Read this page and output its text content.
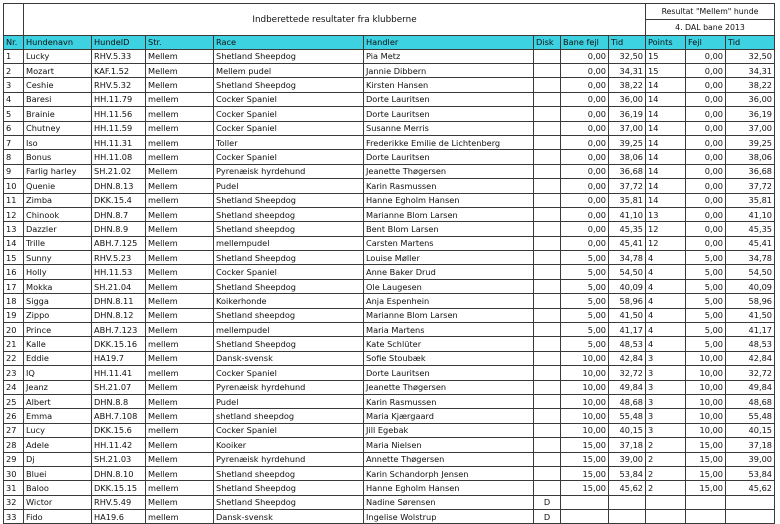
	Indberettede resultater fra klubberne								Resultat "Mellem" hunde		
									4. DAL bane 2013		
Nr.	Hundenavn	HundeID	Str.	Race	Handler	Disk	Bane fejl	Tid	Points	Fejl	Tid
1	Lucky	RHV.5.33	Mellem	Shetland Sheepdog	Pia Metz		0,00	32,50	15	0,00	32,50
2	Mozart	KAF.1.52	Mellem	Mellem pudel	Jannie Dibbern		0,00	34,31	15	0,00	34,31
3	Ceshie	RHV.5.32	Mellem	Shetland Sheepdog	Kirsten Hansen		0,00	38,22	14	0,00	38,22
4	Baresi	HH.11.79	mellem	Cocker Spaniel	Dorte Lauritsen		0,00	36,00	14	0,00	36,00
5	Brainie	HH.11.56	mellem	Cocker Spaniel	Dorte Lauritsen		0,00	36,19	14	0,00	36,19
6	Chutney	HH.11.59	mellem	Cocker Spaniel	Susanne Merris		0,00	37,00	14	0,00	37,00
7	Iso	HH.11.31	mellem	Toller	Frederikke Emilie de Lichtenberg		0,00	39,25	14	0,00	39,25
8	Bonus	HH.11.08	mellem	Cocker Spaniel	Dorte Lauritsen		0,00	38,06	14	0,00	38,06
9	Farlig harley	SH.21.02	Mellem	Pyrenæisk hyrdehund	Jeanette Thøgersen		0,00	36,68	14	0,00	36,68
10	Quenie	DHN.8.13	Mellem	Pudel	Karin Rasmussen		0,00	37,72	14	0,00	37,72
11	Zimba	DKK.15.4	mellem	Shetland Sheepdog	Hanne Egholm Hansen		0,00	35,81	14	0,00	35,81
12	Chinook	DHN.8.7	Mellem	Shetland sheepdog	Marianne Blom Larsen		0,00	41,10	13	0,00	41,10
13	Dazzler	DHN.8.9	Mellem	Shetland sheepdog	Bent Blom Larsen		0,00	45,35	12	0,00	45,35
14	Trille	ABH.7.125	Mellem	mellempudel	Carsten Martens		0,00	45,41	12	0,00	45,41
15	Sunny	RHV.5.23	Mellem	Shetland Sheepdog	Louise Møller		5,00	34,78	4	5,00	34,78
16	Holly	HH.11.53	Mellem	Cocker Spaniel	Anne Baker Drud		5,00	54,50	4	5,00	54,50
17	Mokka	SH.21.04	Mellem	Shetland Sheepdog	Ole Laugesen		5,00	40,09	4	5,00	40,09
18	Sigga	DHN.8.11	Mellem	Koikerhonde	Anja Espenhein		5,00	58,96	4	5,00	58,96
19	Zippo	DHN.8.12	Mellem	Shetland sheepdog	Marianne Blom Larsen		5,00	41,50	4	5,00	41,50
20	Prince	ABH.7.123	Mellem	mellempudel	Maria Martens		5,00	41,17	4	5,00	41,17
21	Kalle	DKK.15.16	mellem	Shetland Sheepdog	Kate Schlüter		5,00	48,53	4	5,00	48,53
22	Eddie	HA19.7	Mellem	Dansk-svensk	Sofie Stoubæk		10,00	42,84	3	10,00	42,84
23	IQ	HH.11.41	mellem	Cocker Spaniel	Dorte Lauritsen		10,00	32,72	3	10,00	32,72
24	Jeanz	SH.21.07	Mellem	Pyrenæisk hyrdehund	Jeanette Thøgersen		10,00	49,84	3	10,00	49,84
25	Albert	DHN.8.8	Mellem	Pudel	Karin Rasmussen		10,00	48,68	3	10,00	48,68
26	Emma	ABH.7.108	Mellem	shetland sheepdog	Maria Kjærgaard		10,00	55,48	3	10,00	55,48
27	Lucy	DKK.15.6	mellem	Cocker Spaniel	Jill Egebak		10,00	40,15	3	10,00	40,15
28	Adele	HH.11.42	Mellem	Kooiker	Maria Nielsen		15,00	37,18	2	15,00	37,18
29	Dj	SH.21.03	Mellem	Pyrenæisk hyrdehund	Annette Thøgersen		15,00	39,00	2	15,00	39,00
30	Bluei	DHN.8.10	Mellem	Shetland sheepdog	Karin Schandorph Jensen		15,00	53,84	2	15,00	53,84
31	Baloo	DKK.15.15	mellem	Shetland Sheepdog	Hanne Egholm Hansen		15,00	45,62	2	15,00	45,62
32	Wictor	RHV.5.49	Mellem	Shetland Sheepdog	Nadine Sørensen	D					
33	Fido	HA19.6	mellem	Dansk-svensk	Ingelise Wolstrup	D					
